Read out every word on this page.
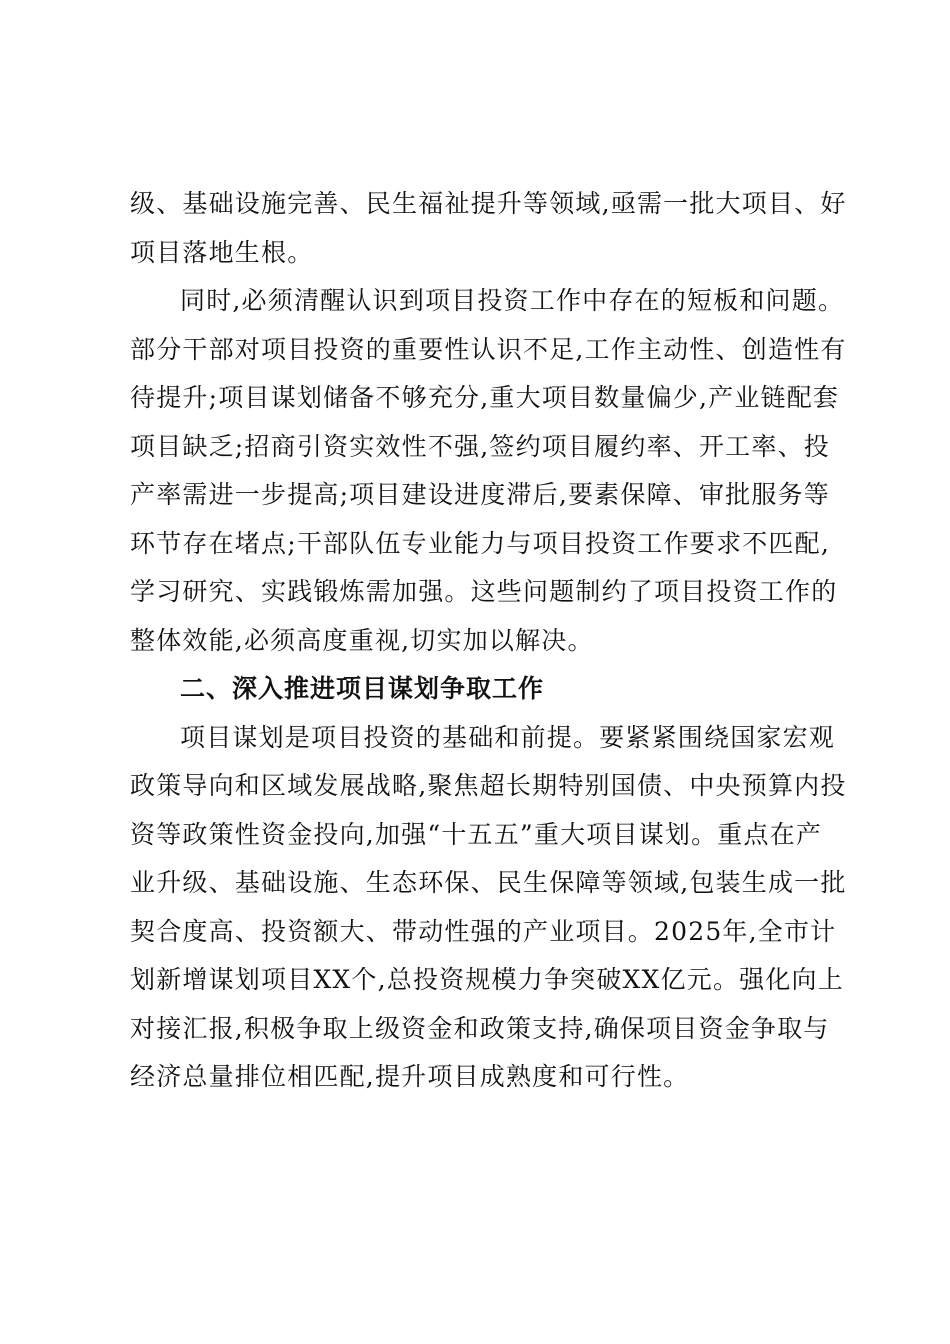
级、基础设施完善、民生福祉提升等领域,亟需一批大项目、好
项目落地生根。
同时,必须清醒认识到项目投资工作中存在的短板和问题。
部分干部对项目投资的重要性认识不足,工作主动性、创造性有
待提升;项目谋划储备不够充分,重大项目数量偏少,产业链配套
项目缺乏;招商引资实效性不强,签约项目履约率、开工率、投
产率需进一步提高;项目建设进度滞后,要素保障、审批服务等
环节存在堵点;干部队伍专业能力与项目投资工作要求不匹配,
学习研究、实践锻炼需加强。这些问题制约了项目投资工作的
整体效能,必须高度重视,切实加以解决。
二、深入推进项目谋划争取工作
项目谋划是项目投资的基础和前提。要紧紧围绕国家宏观
政策导向和区域发展战略,聚焦超长期特别国债、中央预算内投
资等政策性资金投向,加强“十五五”重大项目谋划。重点在产
业升级、基础设施、生态环保、民生保障等领域,包装生成一批
契合度高、投资额大、带动性强的产业项目。2025年,全市计
划新增谋划项目XX个,总投资规模力争突破XX亿元。强化向上
对接汇报,积极争取上级资金和政策支持,确保项目资金争取与
经济总量排位相匹配,提升项目成熟度和可行性。
